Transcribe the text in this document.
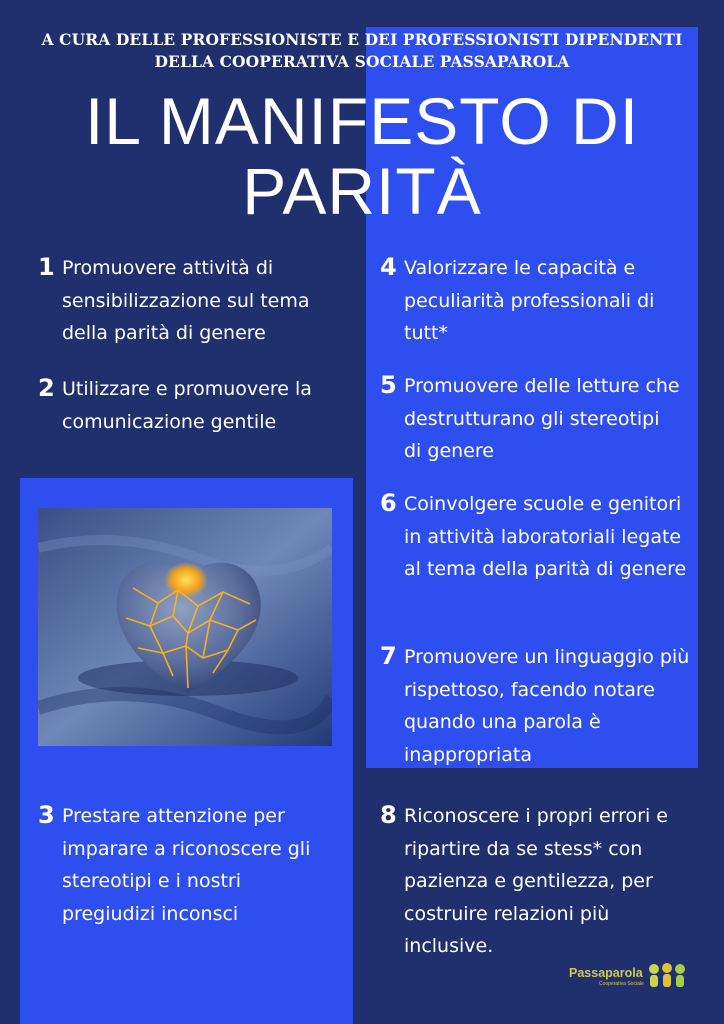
A CURA DELLE PROFESSIONISTE E DEI PROFESSIONISTI DIPENDENTI
DELLA COOPERATIVA SOCIALE PASSAPAROLA
IL MANIFESTO DI
PARITÀ
1 Promuovere attività di sensibilizzazione sul tema della parità di genere
2 Utilizzare e promuovere la comunicazione gentile
3 Prestare attenzione per imparare a riconoscere gli stereotipi e i nostri pregiudizi inconsci
4 Valorizzare le capacità e peculiarità professionali di tutt*
5 Promuovere delle letture che destrutturano gli stereotipi di genere
6 Coinvolgere scuole e genitori in attività laboratoriali legate al tema della parità di genere
7 Promuovere un linguaggio più rispettoso, facendo notare quando una parola è inappropriata
8 Riconoscere i propri errori e ripartire da se stess* con pazienza e gentilezza, per costruire relazioni più inclusive.
Passaparola
Cooperativa Sociale
